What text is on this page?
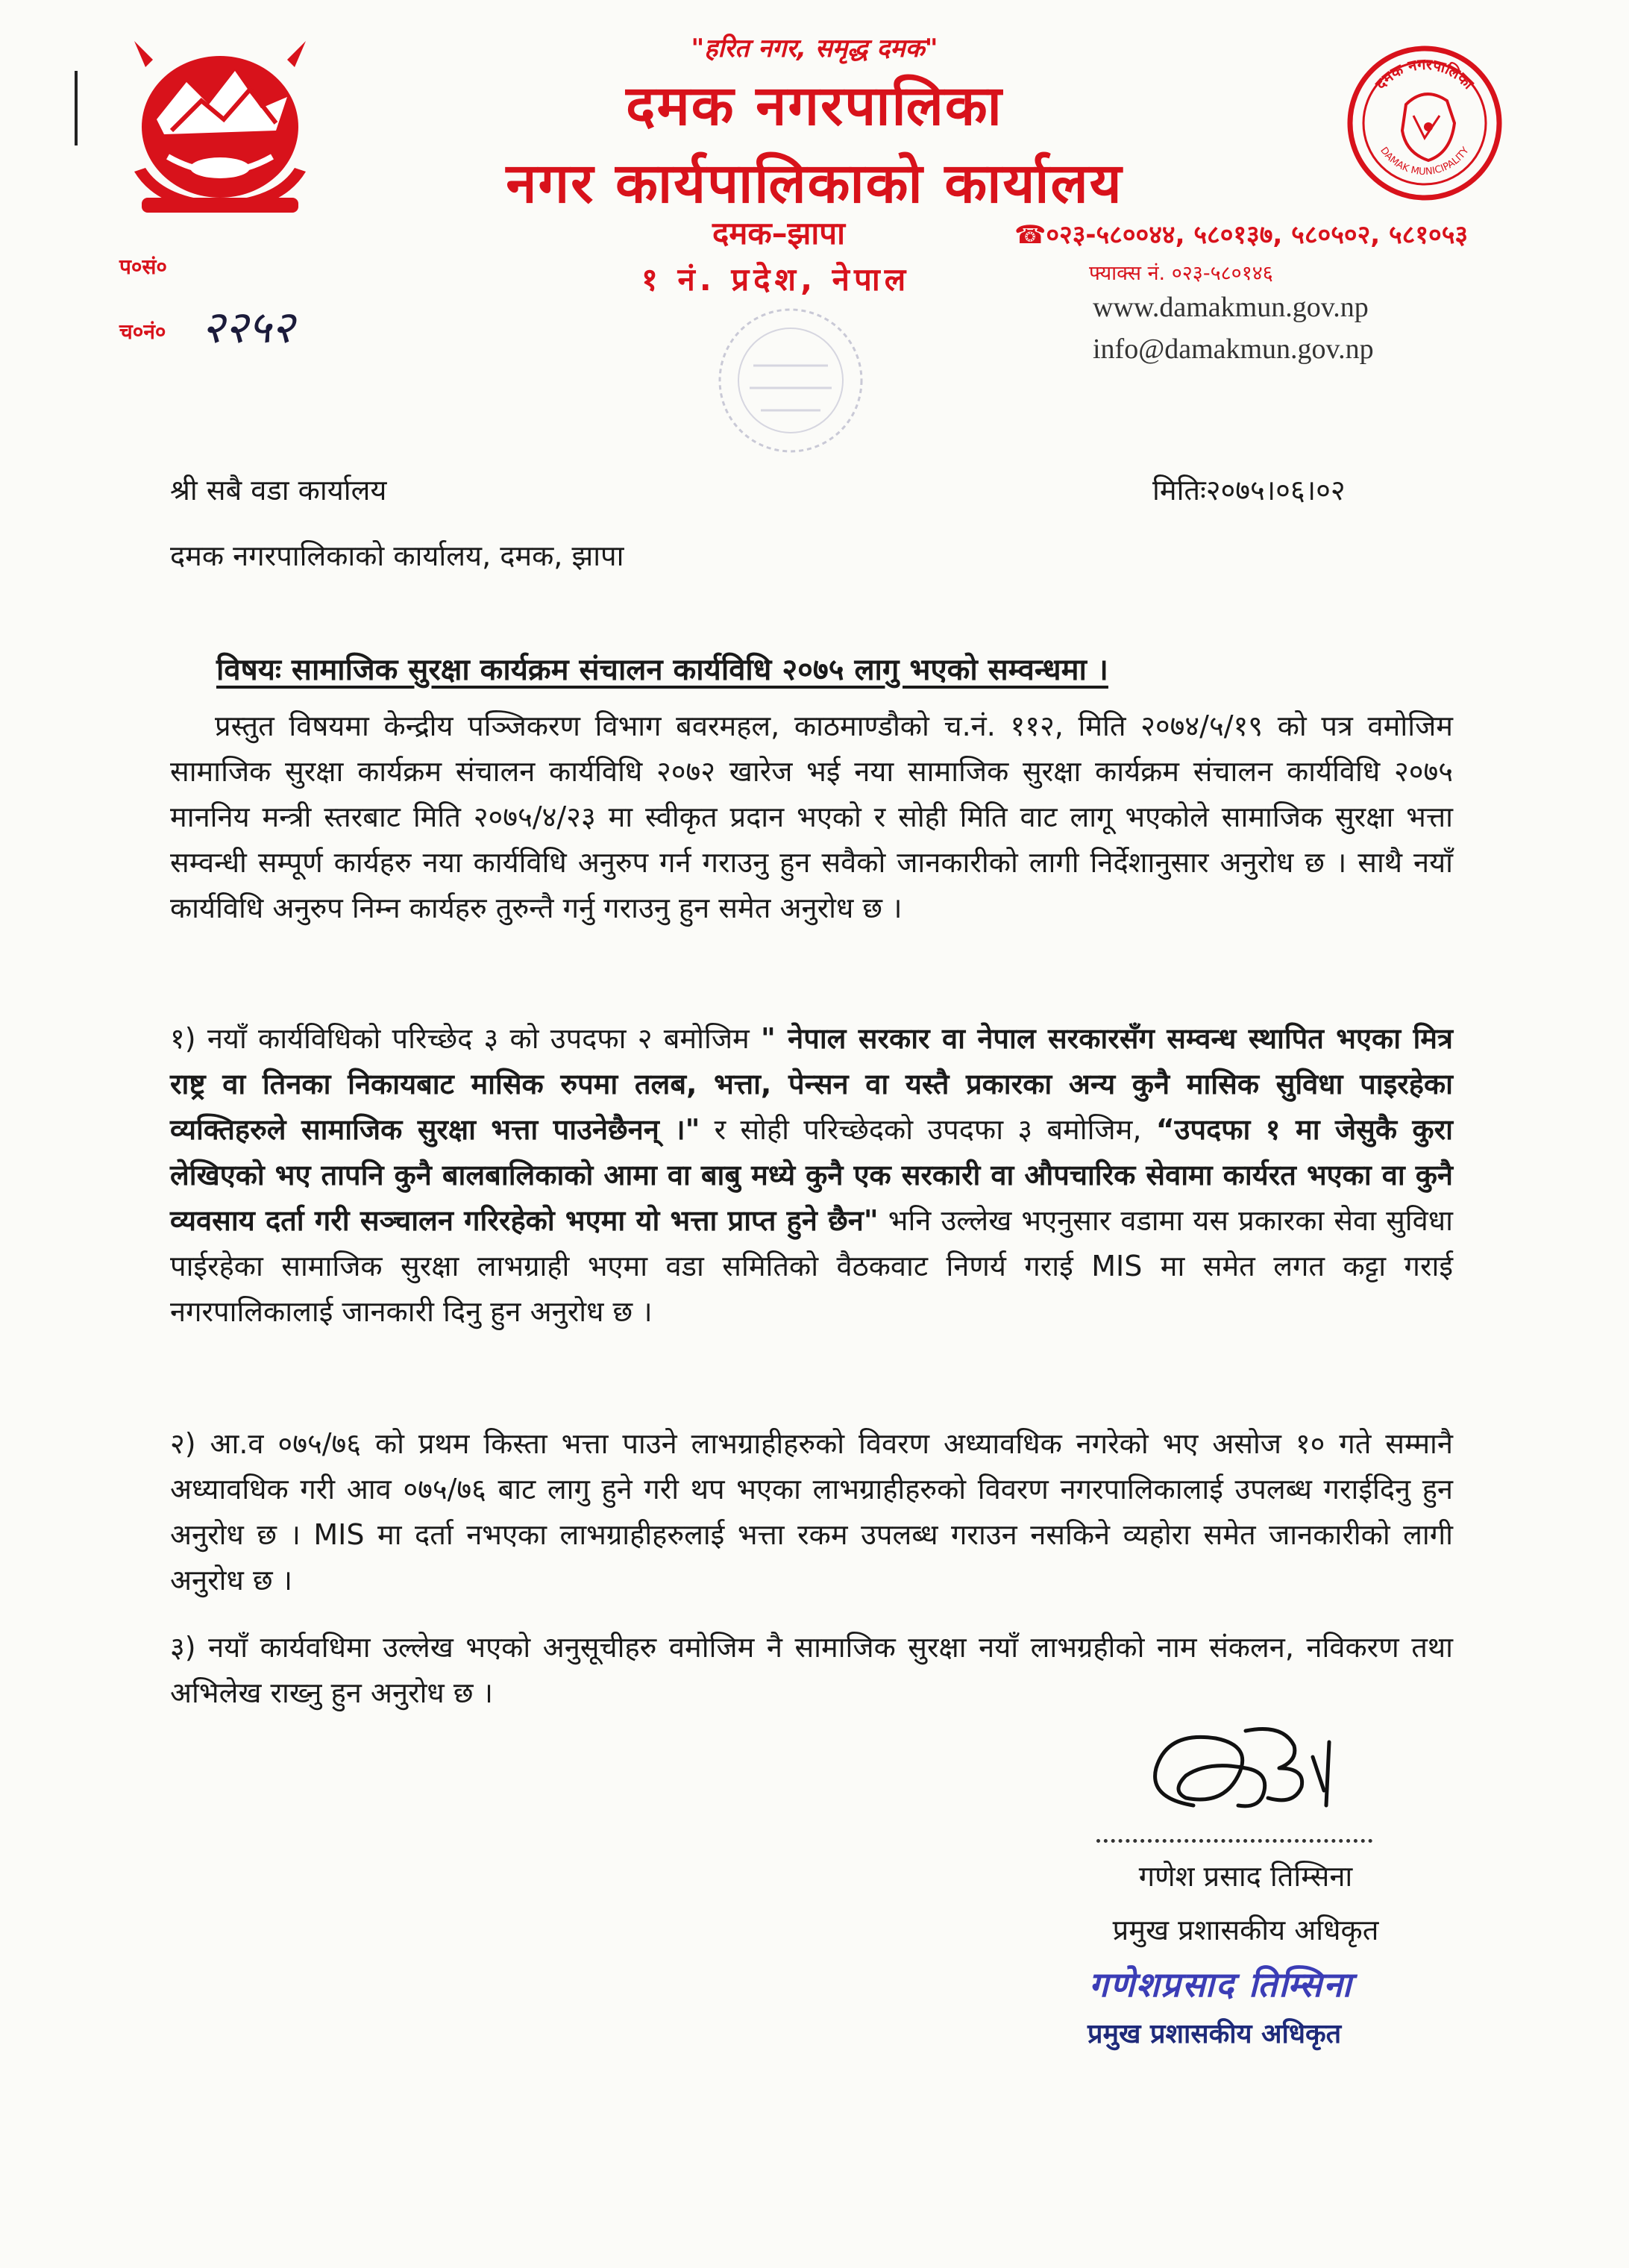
"हरित नगर, समृद्ध दमक"
दमक नगरपालिका
नगर कार्यपालिकाको कार्यालय
दमक–झापा
१ नं. प्रदेश, नेपाल
☎०२३-५८००४४, ५८०१३७, ५८०५०२, ५८१०५३
फ्याक्स नं. ०२३-५८०१४६
www.damakmun.gov.np
info@damakmun.gov.np
दमक नगरपालिका
DAMAK MUNICIPALITY
प०सं०
च०नं० २२५२
श्री सबै वडा कार्यालय	मितिः२०७५।०६।०२
दमक नगरपालिकाको कार्यालय, दमक, झापा
विषयः सामाजिक सुरक्षा कार्यक्रम संचालन कार्यविधि २०७५ लागु भएको सम्वन्धमा ।
प्रस्तुत विषयमा केन्द्रीय पञ्जिकरण विभाग बवरमहल, काठमाण्डौको च.नं. ११२, मिति २०७४/५/१९ को पत्र वमोजिम सामाजिक सुरक्षा कार्यक्रम संचालन कार्यविधि २०७२ खारेज भई नया सामाजिक सुरक्षा कार्यक्रम संचालन कार्यविधि २०७५ माननिय मन्त्री स्तरबाट मिति २०७५/४/२३ मा स्वीकृत प्रदान भएको र सोही मिति वाट लागू भएकोले सामाजिक सुरक्षा भत्ता सम्वन्धी सम्पूर्ण कार्यहरु नया कार्यविधि अनुरुप गर्न गराउनु हुन सवैको जानकारीको लागी निर्देशानुसार अनुरोध छ । साथै नयाँ कार्यविधि अनुरुप निम्न कार्यहरु तुरुन्तै गर्नु गराउनु हुन समेत अनुरोध छ ।
१) नयाँ कार्यविधिको परिच्छेद ३ को उपदफा २ बमोजिम " नेपाल सरकार वा नेपाल सरकारसँग सम्वन्ध स्थापित भएका मित्र राष्ट्र वा तिनका निकायबाट मासिक रुपमा तलब, भत्ता, पेन्सन वा यस्तै प्रकारका अन्य कुनै मासिक सुविधा पाइरहेका व्यक्तिहरुले सामाजिक सुरक्षा भत्ता पाउनेछैनन् ।" र सोही परिच्छेदको उपदफा ३ बमोजिम, “उपदफा १ मा जेसुकै कुरा लेखिएको भए तापनि कुनै बालबालिकाको आमा वा बाबु मध्ये कुनै एक सरकारी वा औपचारिक सेवामा कार्यरत भएका वा कुनै व्यवसाय दर्ता गरी सञ्चालन गरिरहेको भएमा यो भत्ता प्राप्त हुने छैन" भनि उल्लेख भएनुसार वडामा यस प्रकारका सेवा सुविधा पाईरहेका सामाजिक सुरक्षा लाभग्राही भएमा वडा समितिको वैठकवाट निणर्य गराई MIS मा समेत लगत कट्टा गराई नगरपालिकालाई जानकारी दिनु हुन अनुरोध छ ।
२) आ.व ०७५/७६ को प्रथम किस्ता भत्ता पाउने लाभग्राहीहरुको विवरण अध्यावधिक नगरेको भए असोज १० गते सम्मानै अध्यावधिक गरी आव ०७५/७६ बाट लागु हुने गरी थप भएका लाभग्राहीहरुको विवरण नगरपालिकालाई उपलब्ध गराईदिनु हुन अनुरोध छ । MIS मा दर्ता नभएका लाभग्राहीहरुलाई भत्ता रकम उपलब्ध गराउन नसकिने व्यहोरा समेत जानकारीको लागी अनुरोध छ ।
३) नयाँ कार्यवधिमा उल्लेख भएको अनुसूचीहरु वमोजिम नै सामाजिक सुरक्षा नयाँ लाभग्रहीको नाम संकलन, नविकरण तथा अभिलेख राख्नु हुन अनुरोध छ ।
गणेश प्रसाद तिम्सिना
प्रमुख प्रशासकीय अधिकृत
गणेशप्रसाद तिम्सिना
प्रमुख प्रशासकीय अधिकृत
